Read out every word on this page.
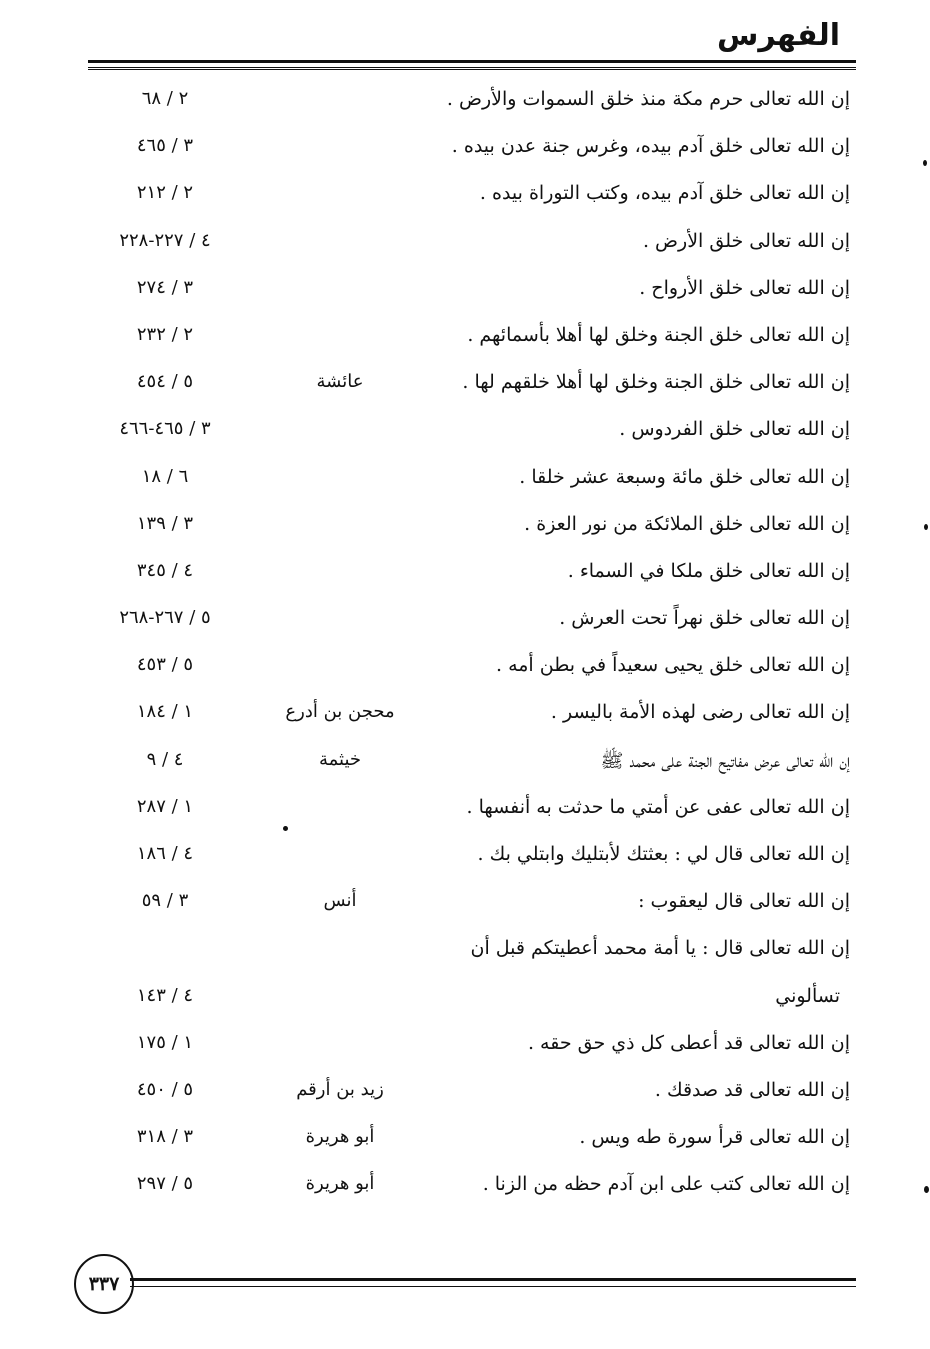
الفهرس
إن الله تعالى حرم مكة منذ خلق السموات والأرض .
٢ / ٦٨
إن الله تعالى خلق آدم بيده، وغرس جنة عدن بيده .
٣ / ٤٦٥
إن الله تعالى خلق آدم بيده، وكتب التوراة بيده .
٢ / ٢١٢
إن الله تعالى خلق الأرض .
٤ / ٢٢٧-٢٢٨
إن الله تعالى خلق الأرواح .
٣ / ٢٧٤
إن الله تعالى خلق الجنة وخلق لها أهلا بأسمائهم .
٢ / ٢٣٢
إن الله تعالى خلق الجنة وخلق لها أهلا خلقهم لها .
عائشة
٥ / ٤٥٤
إن الله تعالى خلق الفردوس .
٣ / ٤٦٥-٤٦٦
إن الله تعالى خلق مائة وسبعة عشر خلقا .
٦ / ١٨
إن الله تعالى خلق الملائكة من نور العزة .
٣ / ١٣٩
إن الله تعالى خلق ملكا في السماء .
٤ / ٣٤٥
إن الله تعالى خلق نهراً تحت العرش .
٥ / ٢٦٧-٢٦٨
إن الله تعالى خلق يحيى سعيداً في بطن أمه .
٥ / ٤٥٣
إن الله تعالى رضى لهذه الأمة باليسر .
محجن بن أدرع
١ / ١٨٤
إن الله تعالى عرض مفاتيح الجنة على محمد ﷺ
خيثمة
٤ / ٩
إن الله تعالى عفى عن أمتي ما حدثت به أنفسها .
١ / ٢٨٧
إن الله تعالى قال لي : بعثتك لأبتليك وابتلي بك .
٤ / ١٨٦
إن الله تعالى قال ليعقوب :
أنس
٣ / ٥٩
إن الله تعالى قال : يا أمة محمد أعطيتكم قبل أن
تسألوني
٤ / ١٤٣
إن الله تعالى قد أعطى كل ذي حق حقه .
١ / ١٧٥
إن الله تعالى قد صدقك .
زيد بن أرقم
٥ / ٤٥٠
إن الله تعالى قرأ سورة طه ويس .
أبو هريرة
٣ / ٣١٨
إن الله تعالى كتب على ابن آدم حظه من الزنا .
أبو هريرة
٥ / ٢٩٧
٣٣٧
